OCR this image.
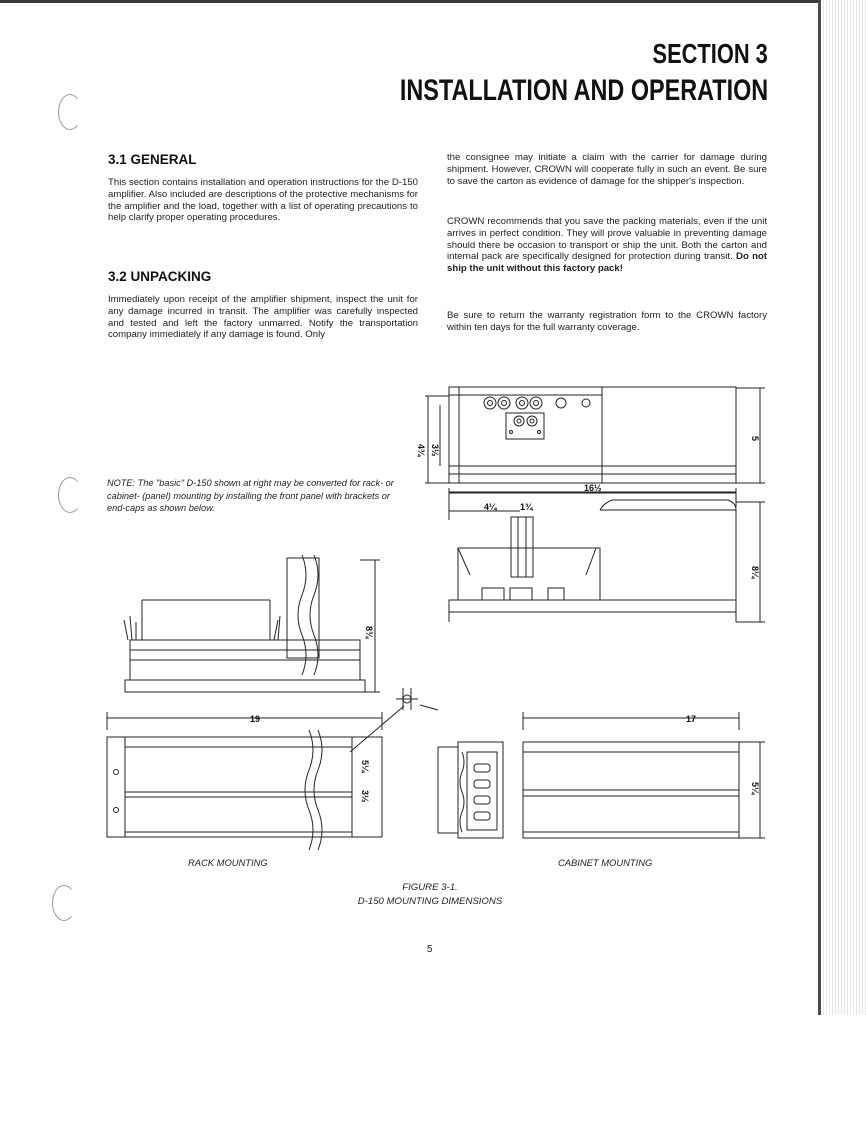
SECTION 3
INSTALLATION AND OPERATION
3.1 GENERAL
This section contains installation and operation instructions for the D-150 amplifier. Also included are descriptions of the protective mechanisms for the amplifier and the load, together with a list of operating precautions to help clarify proper operating procedures.
3.2 UNPACKING
Immediately upon receipt of the amplifier shipment, inspect the unit for any damage incurred in transit. The amplifier was carefully inspected and tested and left the factory unmarred. Notify the transportation company immediately if any damage is found. Only
the consignee may initiate a claim with the carrier for damage during shipment. However, CROWN will cooperate fully in such an event. Be sure to save the carton as evidence of damage for the shipper's inspection.
CROWN recommends that you save the packing materials, even if the unit arrives in perfect condition. They will prove valuable in preventing damage should there be occasion to transport or ship the unit. Both the carton and internal pack are specifically designed for protection during transit. Do not ship the unit without this factory pack!
Be sure to return the warranty registration form to the CROWN factory within ten days for the full warranty coverage.
NOTE: The "basic" D-150 shown at right may be converted for rack- or cabinet- (panel) mounting by installing the front panel with brackets or end-caps as shown below.
4¾ 3½
5
16½
4¼	1¾
8¼
8¾
19
5¼
3½
17
5¼
RACK MOUNTING	CABINET MOUNTING
FIGURE 3-1.
D-150 MOUNTING DIMENSIONS
5
